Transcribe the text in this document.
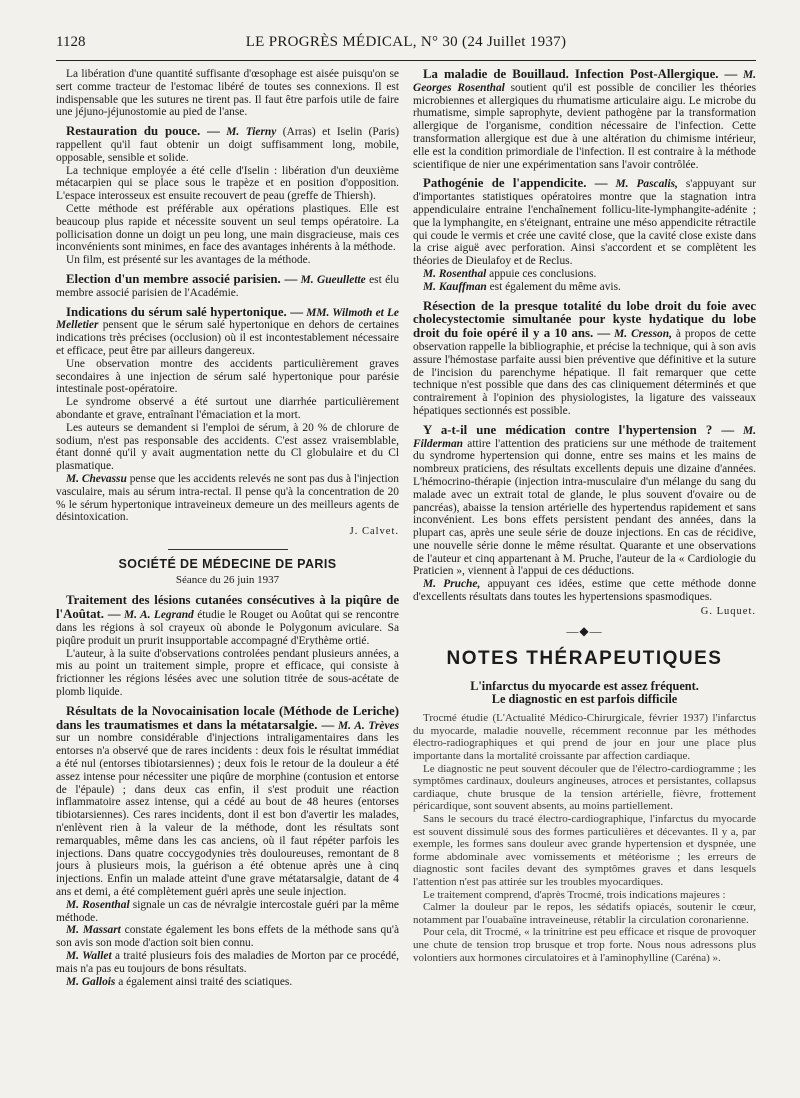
1128	LE PROGRÈS MÉDICAL, N° 30 (24 Juillet 1937)

La libération d'une quantité suffisante d'œsophage est aisée puisqu'on se sert comme tracteur de l'estomac libéré de toutes ses connexions. Il est indispensable que les sutures ne tirent pas. Il faut être parfois utile de faire une jéjuno-jéjunostomie au pied de l'anse.

Restauration du pouce. — M. Tierny (Arras) et Iselin (Paris) rappellent qu'il faut obtenir un doigt suffisamment long, mobile, opposable, sensible et solide.

La technique employée a été celle d'Iselin : libération d'un deuxième métacarpien qui se place sous le trapèze et en position d'opposition. L'espace interosseux est ensuite recouvert de peau (greffe de Thiersh).

Cette méthode est préférable aux opérations plastiques. Elle est beaucoup plus rapide et nécessite souvent un seul temps opératoire. La pollicisation donne un doigt un peu long, une main disgracieuse, mais ces inconvénients sont minimes, en face des avantages inhérents à la méthode.

Un film, est présenté sur les avantages de la méthode.

Election d'un membre associé parisien. — M. Gueullette est élu membre associé parisien de l'Académie.

Indications du sérum salé hypertonique. — MM. Wilmoth et Le Melletier pensent que le sérum salé hypertonique en dehors de certaines indications très précises (occlusion) où il est incontestablement nécessaire et efficace, peut être par ailleurs dangereux.

Une observation montre des accidents particulièrement graves secondaires à une injection de sérum salé hypertonique pour parésie intestinale post-opératoire.

Le syndrome observé a été surtout une diarrhée particulièrement abondante et grave, entraînant l'émaciation et la mort.

Les auteurs se demandent si l'emploi de sérum, à 20 % de chlorure de sodium, n'est pas responsable des accidents. C'est assez vraisemblable, étant donné qu'il y avait augmentation nette du Cl globulaire et du Cl plasmatique.

M. Chevassu pense que les accidents relevés ne sont pas dus à l'injection vasculaire, mais au sérum intra-rectal. Il pense qu'à la concentration de 20 % le sérum hypertonique intraveineux demeure un des meilleurs agents de désintoxication.

J. Calvet.
SOCIÉTÉ DE MÉDECINE DE PARIS
Séance du 26 juin 1937

Traitement des lésions cutanées consécutives à la piqûre de l'Aoûtat. — M. A. Legrand étudie le Rouget ou Aoûtat qui se rencontre dans les régions à sol crayeux où abonde le Polygonum aviculare. Sa piqûre produit un prurit insupportable accompagné d'Erythème ortié.

L'auteur, à la suite d'observations controlées pendant plusieurs années, a mis au point un traitement simple, propre et efficace, qui consiste à frictionner les régions lésées avec une solution titrée de sous-acétate de plomb liquide.

Résultats de la Novocainisation locale (Méthode de Leriche) dans les traumatismes et dans la métatarsalgie. — M. A. Trèves sur un nombre considérable d'injections intraligamentaires dans les entorses n'a observé que de rares incidents : deux fois le résultat immédiat a été nul (entorses tibiotarsiennes) ; deux fois le retour de la douleur a été assez intense pour nécessiter une piqûre de morphine (contusion et entorse de l'épaule) ; dans deux cas enfin, il s'est produit une réaction inflammatoire assez intense, qui a cédé au bout de 48 heures (entorses tibiotarsiennes). Ces rares incidents, dont il est bon d'avertir les malades, n'enlèvent rien à la valeur de la méthode, dont les résultats sont remarquables, même dans les cas anciens, où il faut répéter parfois les injections. Dans quatre coccygodynies très douloureuses, remontant de 8 jours à plusieurs mois, la guérison a été obtenue après une à cinq injections. Enfin un malade atteint d'une grave métatarsalgie, datant de 4 ans et demi, a été complètement guéri après une seule injection.

M. Rosenthal signale un cas de névralgie intercostale guéri par la même méthode.

M. Massart constate également les bons effets de la méthode sans qu'à son avis son mode d'action soit bien connu.

M. Wallet a traité plusieurs fois des maladies de Morton par ce procédé, mais n'a pas eu toujours de bons résultats.

M. Gallois a également ainsi traité des sciatiques.

La maladie de Bouillaud. Infection Post-Allergique. — M. Georges Rosenthal soutient qu'il est possible de concilier les théories microbiennes et allergiques du rhumatisme articulaire aigu. Le microbe du rhumatisme, simple saprophyte, devient pathogène par la transformation allergique de l'organisme, condition nécessaire de l'infection. Cette transformation allergique est due à une altération du chimisme intérieur, elle est la condition primordiale de l'infection. Il est contraire à la méthode scientifique de nier une expérimentation sans l'avoir contrôlée.

Pathogénie de l'appendicite. — M. Pascalis, s'appuyant sur d'importantes statistiques opératoires montre que la stagnation intra appendiculaire entraine l'enchaînement follicu-lite-lymphangite-adénite ; que la lymphangite, en s'éteignant, entraine une méso appendicite rétractile qui coude le vermis et crée une cavité close, que la cavité close existe dans la crise aiguë avec perforation. Ainsi s'accordent et se complètent les théories de Dieulafoy et de Reclus.

M. Rosenthal appuie ces conclusions.

M. Kauffman est également du même avis.

Résection de la presque totalité du lobe droit du foie avec cholecystectomie simultanée pour kyste hydatique du lobe droit du foie opéré il y a 10 ans. — M. Cresson, à propos de cette observation rappelle la bibliographie, et précise la technique, qui à son avis assure l'hémostase parfaite aussi bien préventive que définitive et la suture de l'incision du parenchyme hépatique. Il fait remarquer que cette technique n'est possible que dans des cas cliniquement déterminés et que contrairement à l'opinion des physiologistes, la ligature des vaisseaux hépatiques sectionnés est possible.

Y a-t-il une médication contre l'hypertension ? — M. Filderman attire l'attention des praticiens sur une méthode de traitement du syndrome hypertension qui donne, entre ses mains et les mains de nombreux praticiens, des résultats excellents depuis une dizaine d'années. L'hémocrino-thérapie (injection intra-musculaire d'un mélange du sang du malade avec un extrait total de glande, le plus souvent d'ovaire ou de pancréas), abaisse la tension artérielle des hypertendus rapidement et sans inconvénient. Les bons effets persistent pendant des années, dans la plupart cas, après une seule série de douze injections. En cas de récidive, une nouvelle série donne le même résultat. Quarante et une observations de l'auteur et cinq appartenant à M. Pruche, l'auteur de la « Cardiologie du Praticien », viennent à l'appui de ces déductions.

M. Pruche, appuyant ces idées, estime que cette méthode donne d'excellents résultats dans toutes les hypertensions spasmodiques.

G. Luquet.
—◆—
NOTES THÉRAPEUTIQUES
L'infarctus du myocarde est assez fréquent.
Le diagnostic en est parfois difficile

Trocmé étudie (L'Actualité Médico-Chirurgicale, février 1937) l'infarctus du myocarde, maladie nouvelle, récemment reconnue par les méthodes électro-radiographiques et qui prend de jour en jour une place plus importante dans la mortalité croissante par affection cardiaque.

Le diagnostic ne peut souvent découler que de l'électro-cardiogramme ; les symptômes cardinaux, douleurs angineuses, atroces et persistantes, collapsus cardiaque, chute brusque de la tension artérielle, fièvre, frottement péricardique, sont souvent absents, au moins partiellement.

Sans le secours du tracé électro-cardiographique, l'infarctus du myocarde est souvent dissimulé sous des formes particulières et décevantes. Il y a, par exemple, les formes sans douleur avec grande hypertension et dyspnée, une forme abdominale avec vomissements et météorisme ; les erreurs de diagnostic sont faciles devant des symptômes graves et dans lesquels l'attention n'est pas attirée sur les troubles myocardiques.

Le traitement comprend, d'après Trocmé, trois indications majeures :

Calmer la douleur par le repos, les sédatifs opiacés, soutenir le cœur, notamment par l'ouabaïne intraveineuse, rétablir la circulation coronarienne.

Pour cela, dit Trocmé, « la trinitrine est peu efficace et risque de provoquer une chute de tension trop brusque et trop forte. Nous nous adressons plus volontiers aux hormones circulatoires et à l'aminophylline (Caréna) ».
